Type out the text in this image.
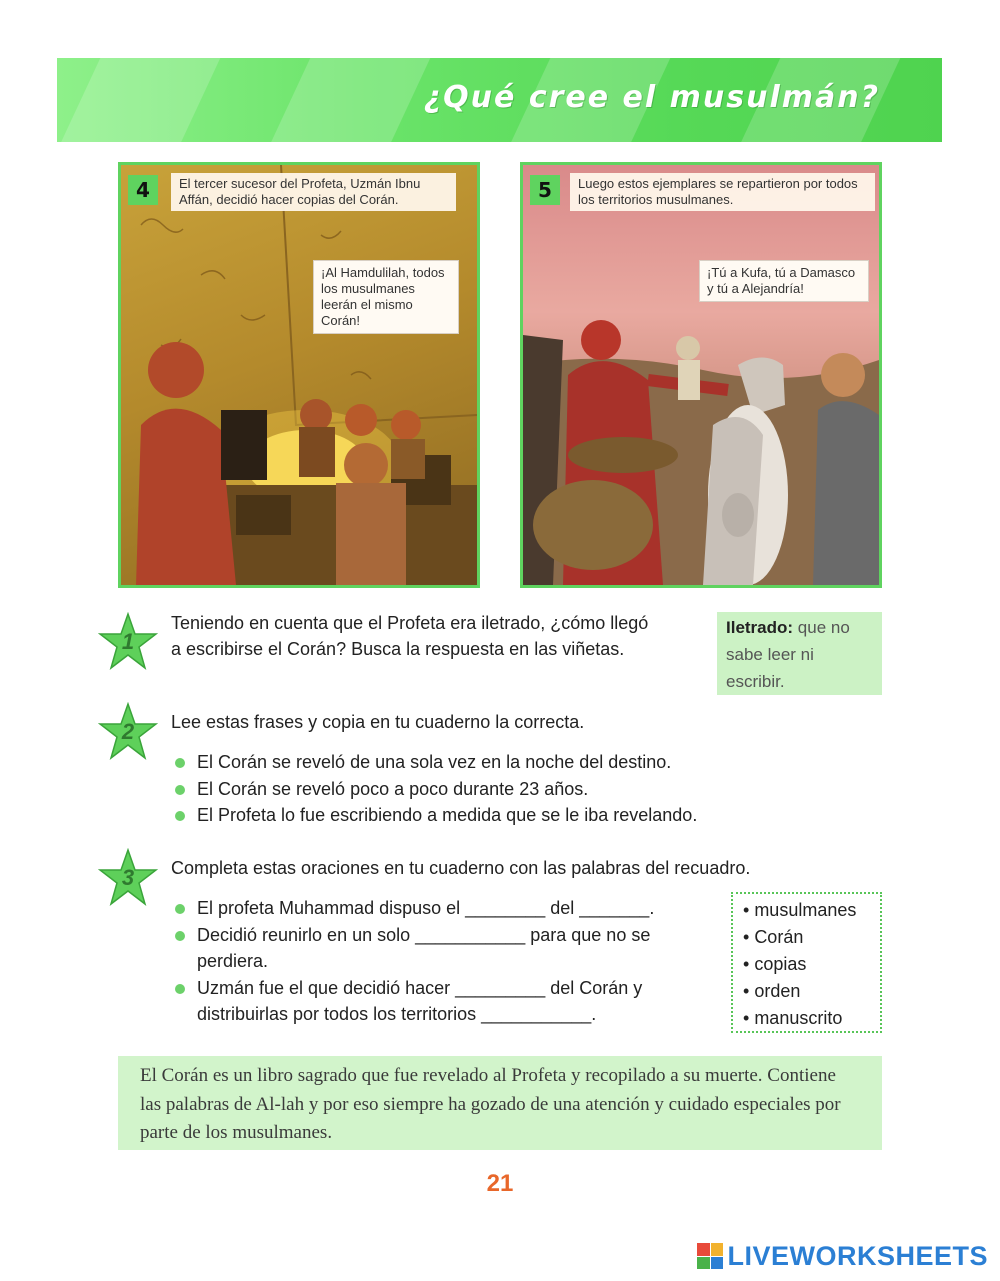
¿Qué cree el musulmán?
4	El tercer sucesor del Profeta, Uzmán Ibnu Affán, decidió hacer copias del Corán.
¡Al Hamdulilah, todos los musulmanes leerán el mismo Corán!
5	Luego estos ejemplares se repartieron por todos los territorios musulmanes.
¡Tú a Kufa, tú a Damasco y tú a Alejandría!
1
Teniendo en cuenta que el Profeta era iletrado, ¿cómo llegó
a escribirse el Corán? Busca la respuesta en las viñetas.
Iletrado: que no sabe leer ni escribir.
2	Lee estas frases y copia en tu cuaderno la correcta.
El Corán se reveló de una sola vez en la noche del destino.
El Corán se reveló poco a poco durante 23 años.
El Profeta lo fue escribiendo a medida que se le iba revelando.
3	Completa estas oraciones en tu cuaderno con las palabras del recuadro.
El profeta Muhammad dispuso el ________ del _______.
Decidió reunirlo en un solo ___________ para que no se perdiera.
Uzmán fue el que decidió hacer _________ del Corán y distribuirlas por todos los territorios ___________.
• musulmanes
• Corán
• copias
• orden
• manuscrito
El Corán es un libro sagrado que fue revelado al Profeta y recopilado a su muerte. Contiene las palabras de Al-lah y por eso siempre ha gozado de una atención y cuidado especiales por parte de los musulmanes.
21
LIVEWORKSHEETS
